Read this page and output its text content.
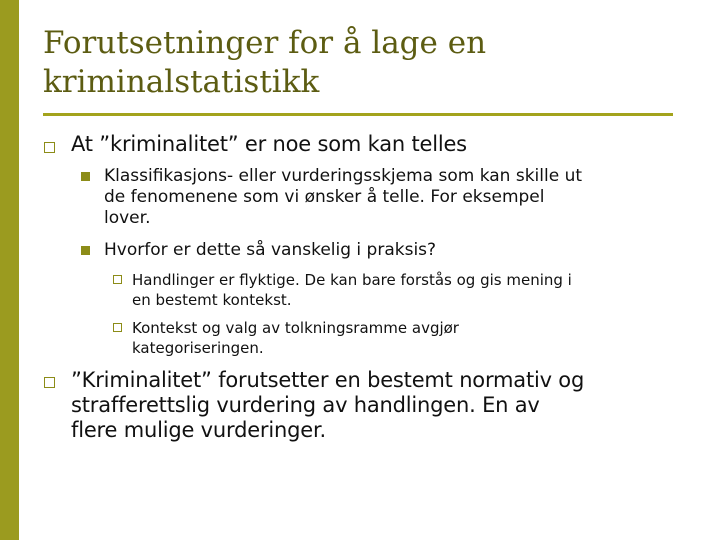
Forutsetninger for å lage en
kriminalstatistikk
At ”kriminalitet” er noe som kan telles
Klassifikasjons- eller vurderingsskjema som kan skille ut
de fenomenene som vi ønsker å telle. For eksempel
lover.
Hvorfor er dette så vanskelig i praksis?
Handlinger er flyktige. De kan bare forstås og gis mening i
en bestemt kontekst.
Kontekst og valg av tolkningsramme avgjør
kategoriseringen.
”Kriminalitet” forutsetter en bestemt normativ og
strafferettslig vurdering av handlingen. En av
flere mulige vurderinger.
